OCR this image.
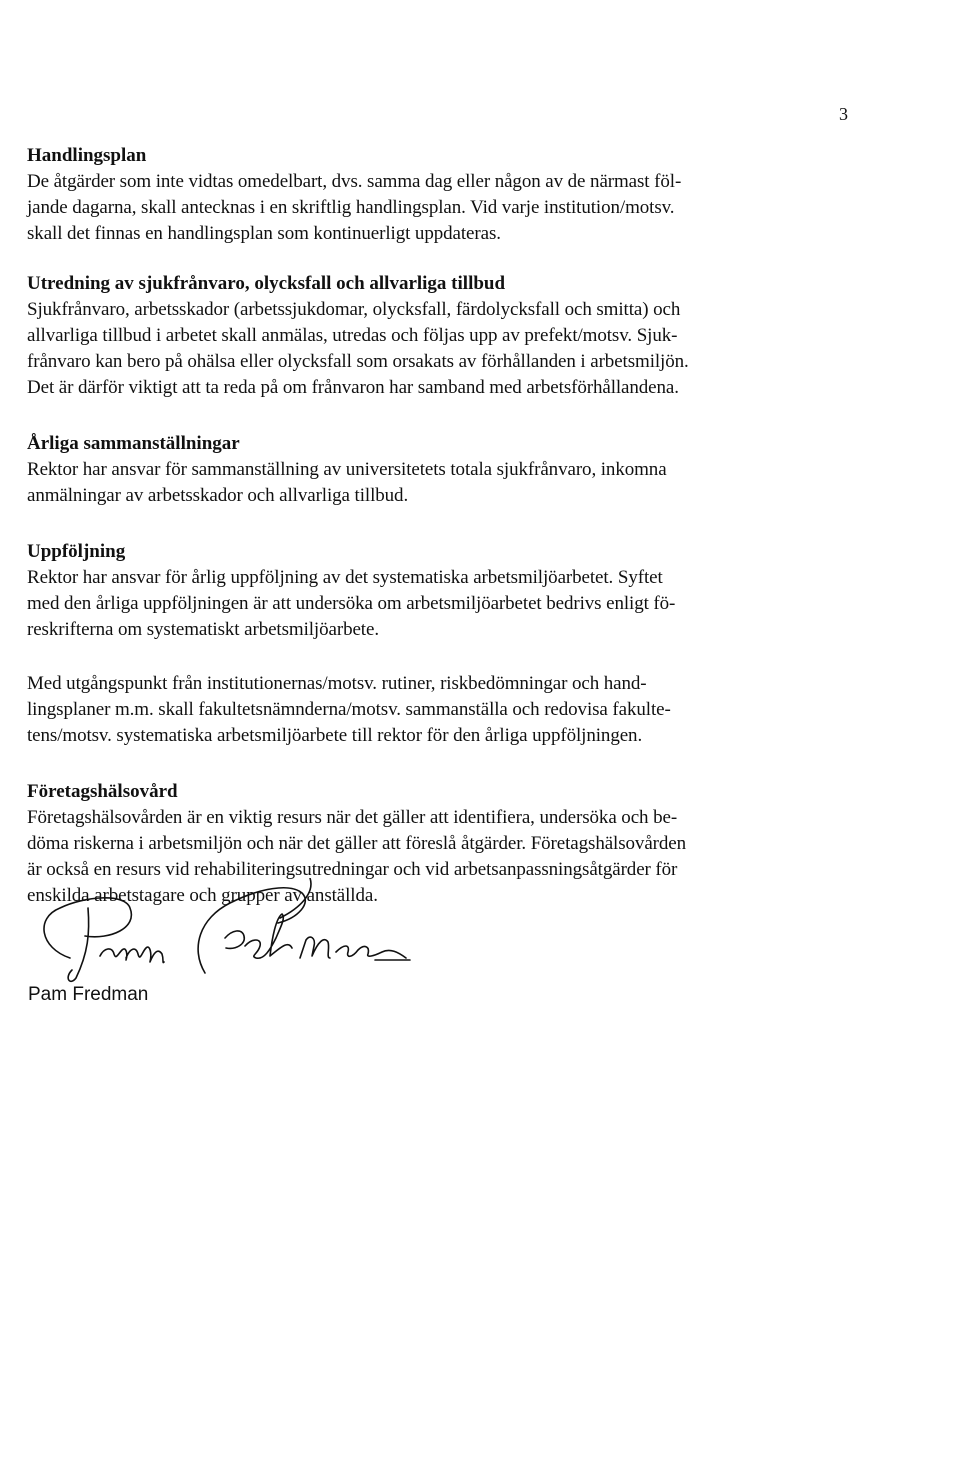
3
Handlingsplan
De åtgärder som inte vidtas omedelbart, dvs. samma dag eller någon av de närmast föl-
jande dagarna, skall antecknas i en skriftlig handlingsplan. Vid varje institution/motsv.
skall det finnas en handlingsplan som kontinuerligt uppdateras.
Utredning av sjukfrånvaro, olycksfall och allvarliga tillbud
Sjukfrånvaro, arbetsskador (arbetssjukdomar, olycksfall, färdolycksfall och smitta) och
allvarliga tillbud i arbetet skall anmälas, utredas och följas upp av prefekt/motsv. Sjuk-
frånvaro kan bero på ohälsa eller olycksfall som orsakats av förhållanden i arbetsmiljön.
Det är därför viktigt att ta reda på om frånvaron har samband med arbetsförhållandena.
Årliga sammanställningar
Rektor har ansvar för sammanställning av universitetets totala sjukfrånvaro, inkomna
anmälningar av arbetsskador och allvarliga tillbud.
Uppföljning
Rektor har ansvar för årlig uppföljning av det systematiska arbetsmiljöarbetet. Syftet
med den årliga uppföljningen är att undersöka om arbetsmiljöarbetet bedrivs enligt fö-
reskrifterna om systematiskt arbetsmiljöarbete.
Med utgångspunkt från institutionernas/motsv. rutiner, riskbedömningar och hand-
lingsplaner m.m. skall fakultetsnämnderna/motsv. sammanställa och redovisa fakulte-
tens/motsv. systematiska arbetsmiljöarbete till rektor för den årliga uppföljningen.
Företagshälsovård
Företagshälsovården är en viktig resurs när det gäller att identifiera, undersöka och be-
döma riskerna i arbetsmiljön och när det gäller att föreslå åtgärder. Företagshälsovården
är också en resurs vid rehabiliteringsutredningar och vid arbetsanpassningsåtgärder för
enskilda arbetstagare och grupper av anställda.
Pam Fredman
